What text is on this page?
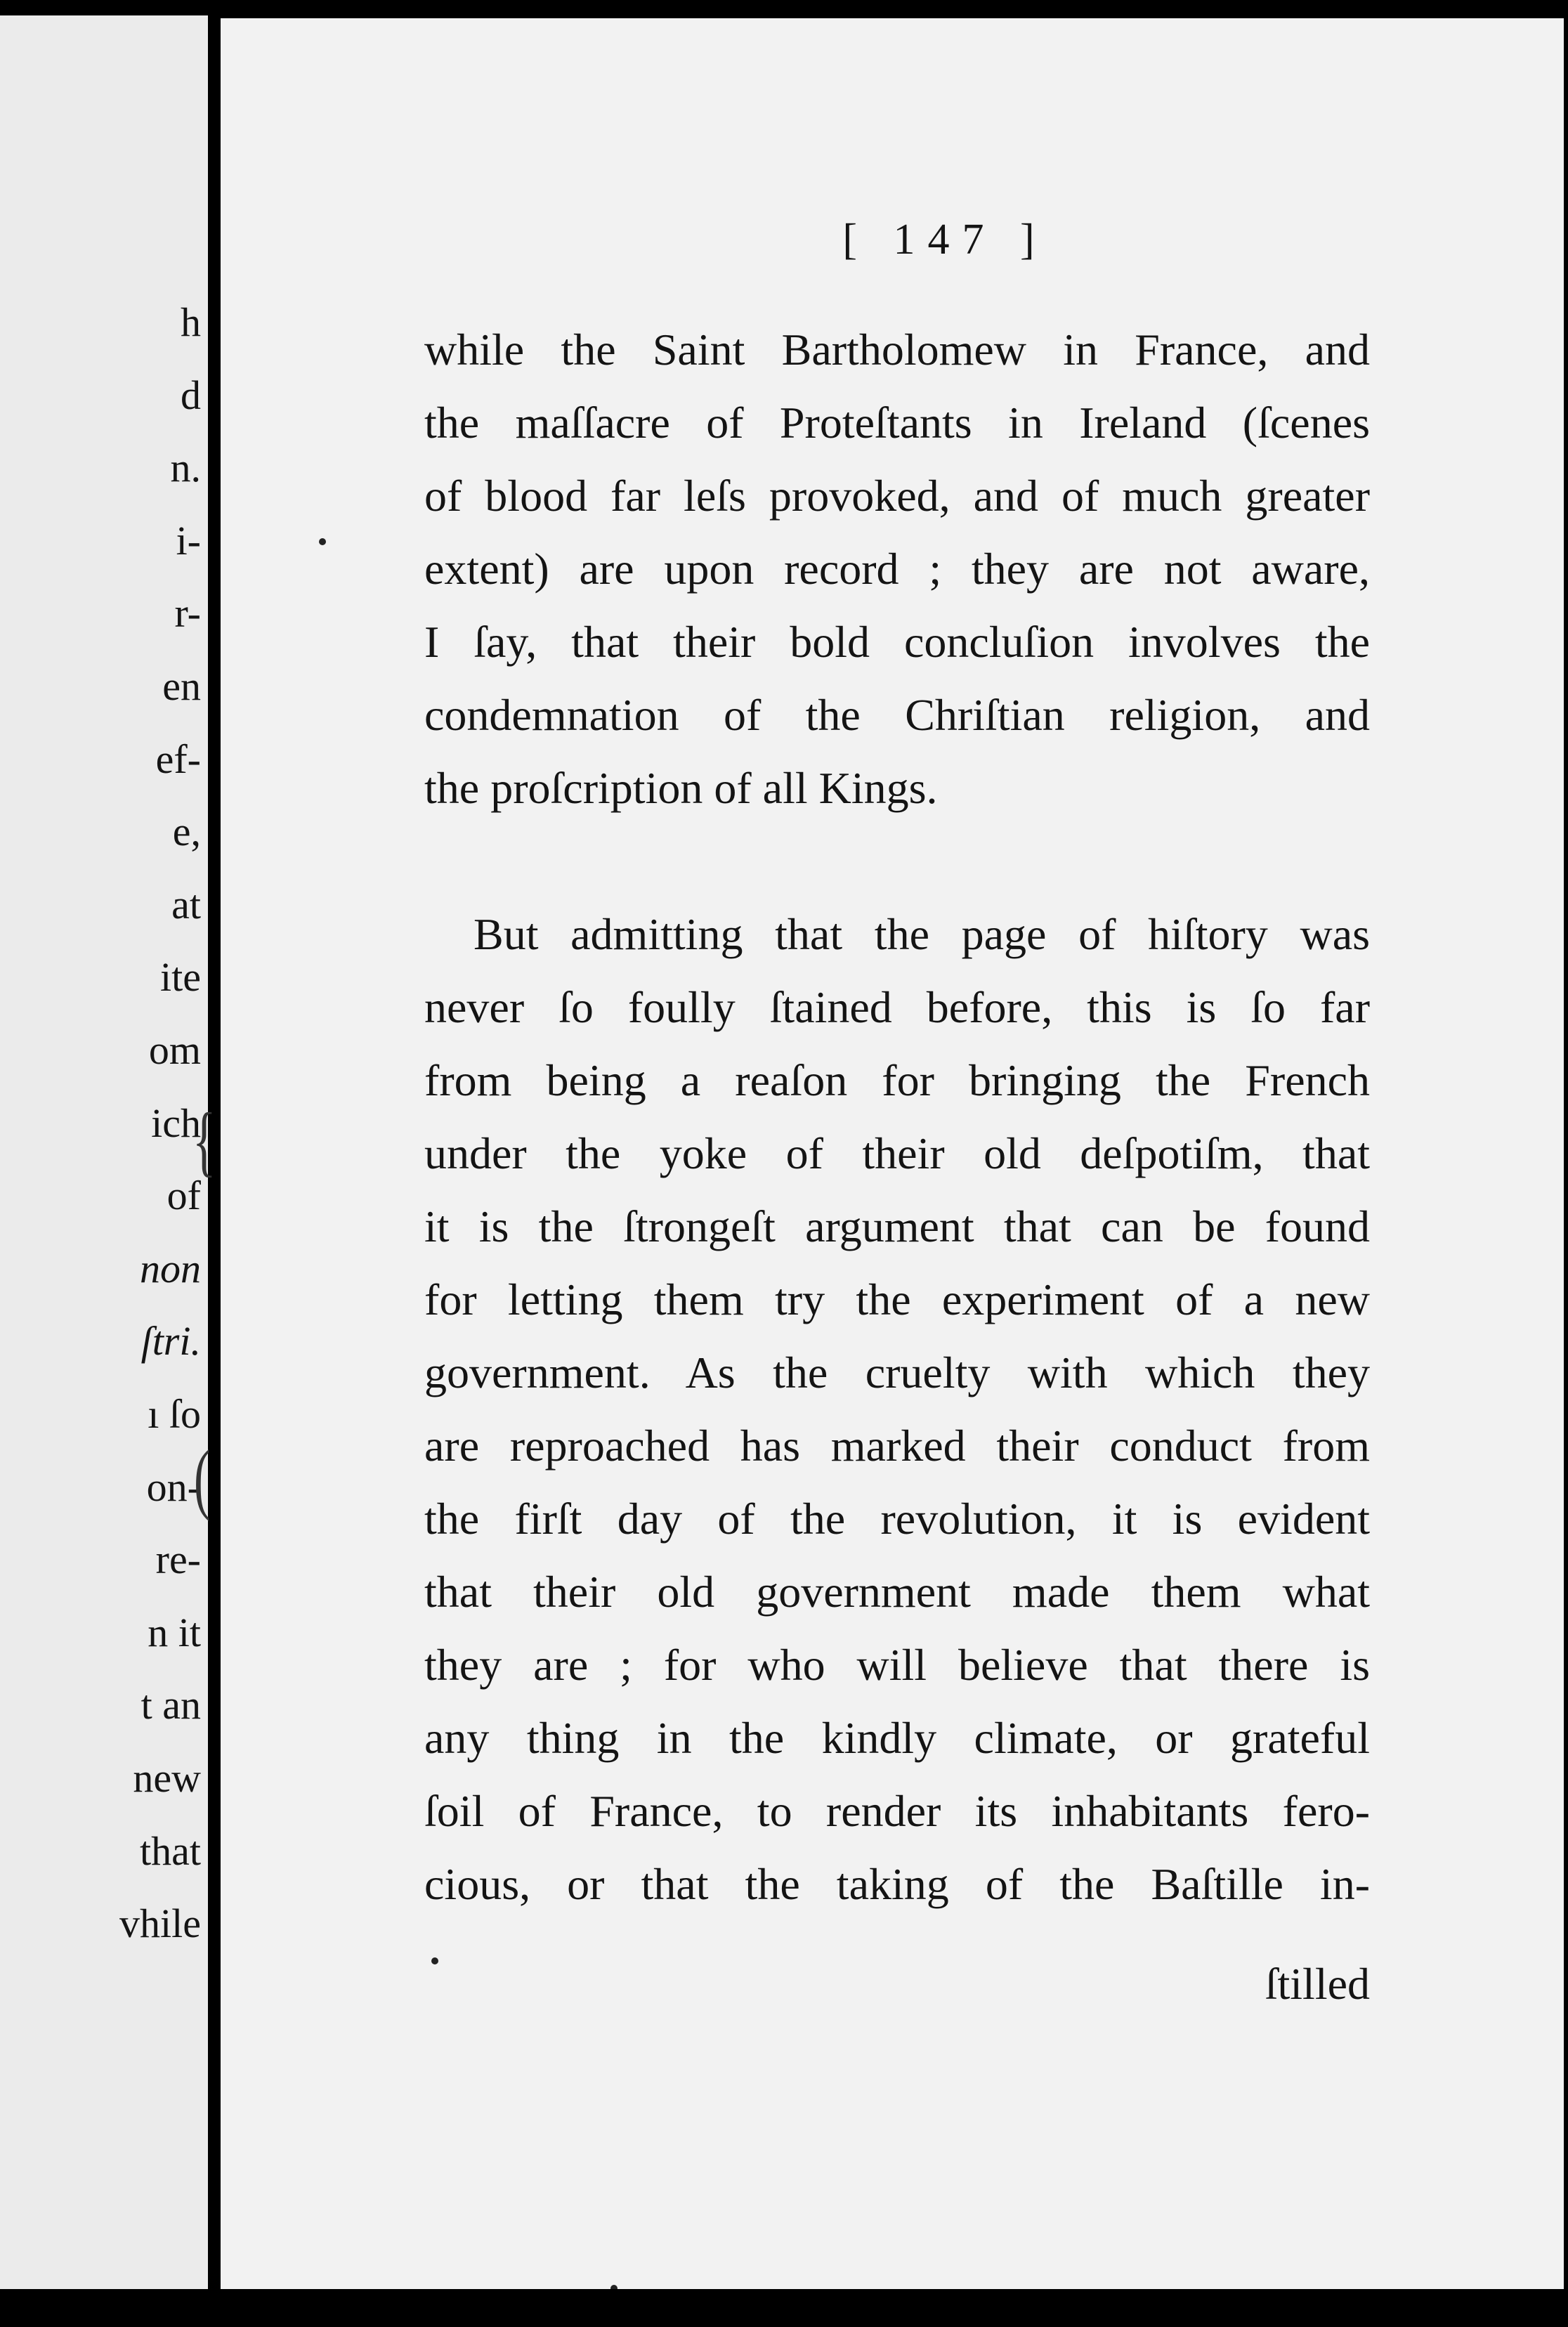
h

d

n.

i-

r-

en

ef-

e,

at

ite

om

ich

of

non

ſtri.

ı ſo

on-

re-

n it

t an

new

that

vhile

[ 147 ]

while the Saint Bartholomew in France, and
the maſſacre of Proteſtants in Ireland (ſcenes
of blood far leſs provoked, and of much greater
extent) are upon record ; they are not aware,
I ſay, that their bold concluſion involves the
condemnation of the Chriſtian religion, and
the proſcription of all Kings.
But admitting that the page of hiſtory was
never ſo foully ſtained before, this is ſo far
from being a reaſon for bringing the French
under the yoke of their old deſpotiſm, that
it is the ſtrongeſt argument that can be found
for letting them try the experiment of a new
government. As the cruelty with which they
are reproached has marked their conduct from
the firſt day of the revolution, it is evident
that their old government made them what
they are ; for who will believe that there is
any thing in the kindly climate, or grateful
ſoil of France, to render its inhabitants fero-
cious, or that the taking of the Baſtille in-

ſtilled

{
(
